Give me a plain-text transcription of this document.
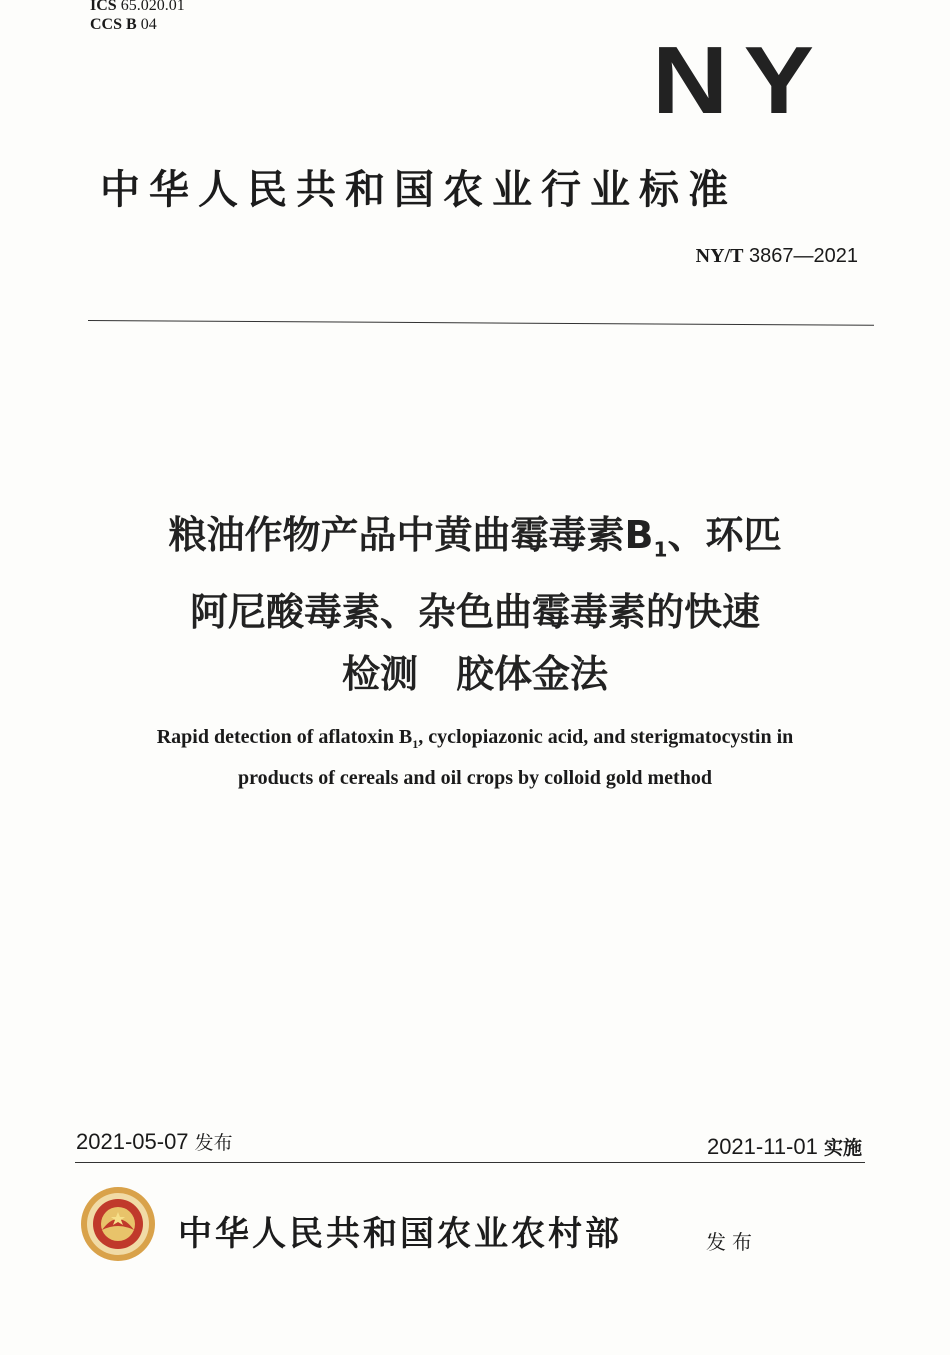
ICS 65.020.01
CCS B 04
NY
中华人民共和国农业行业标准
NY/T 3867—2021
粮油作物产品中黄曲霉毒素$B_1$、环匹
阿尼酸毒素、杂色曲霉毒素的快速
检测　胶体金法
Rapid detection of aflatoxin $B_1$, cyclopiazonic acid, and sterigmatocystin in
products of cereals and oil crops by colloid gold method
2021-05-07 发布	2021-11-01 实施
中华人民共和国农业农村部	发布
